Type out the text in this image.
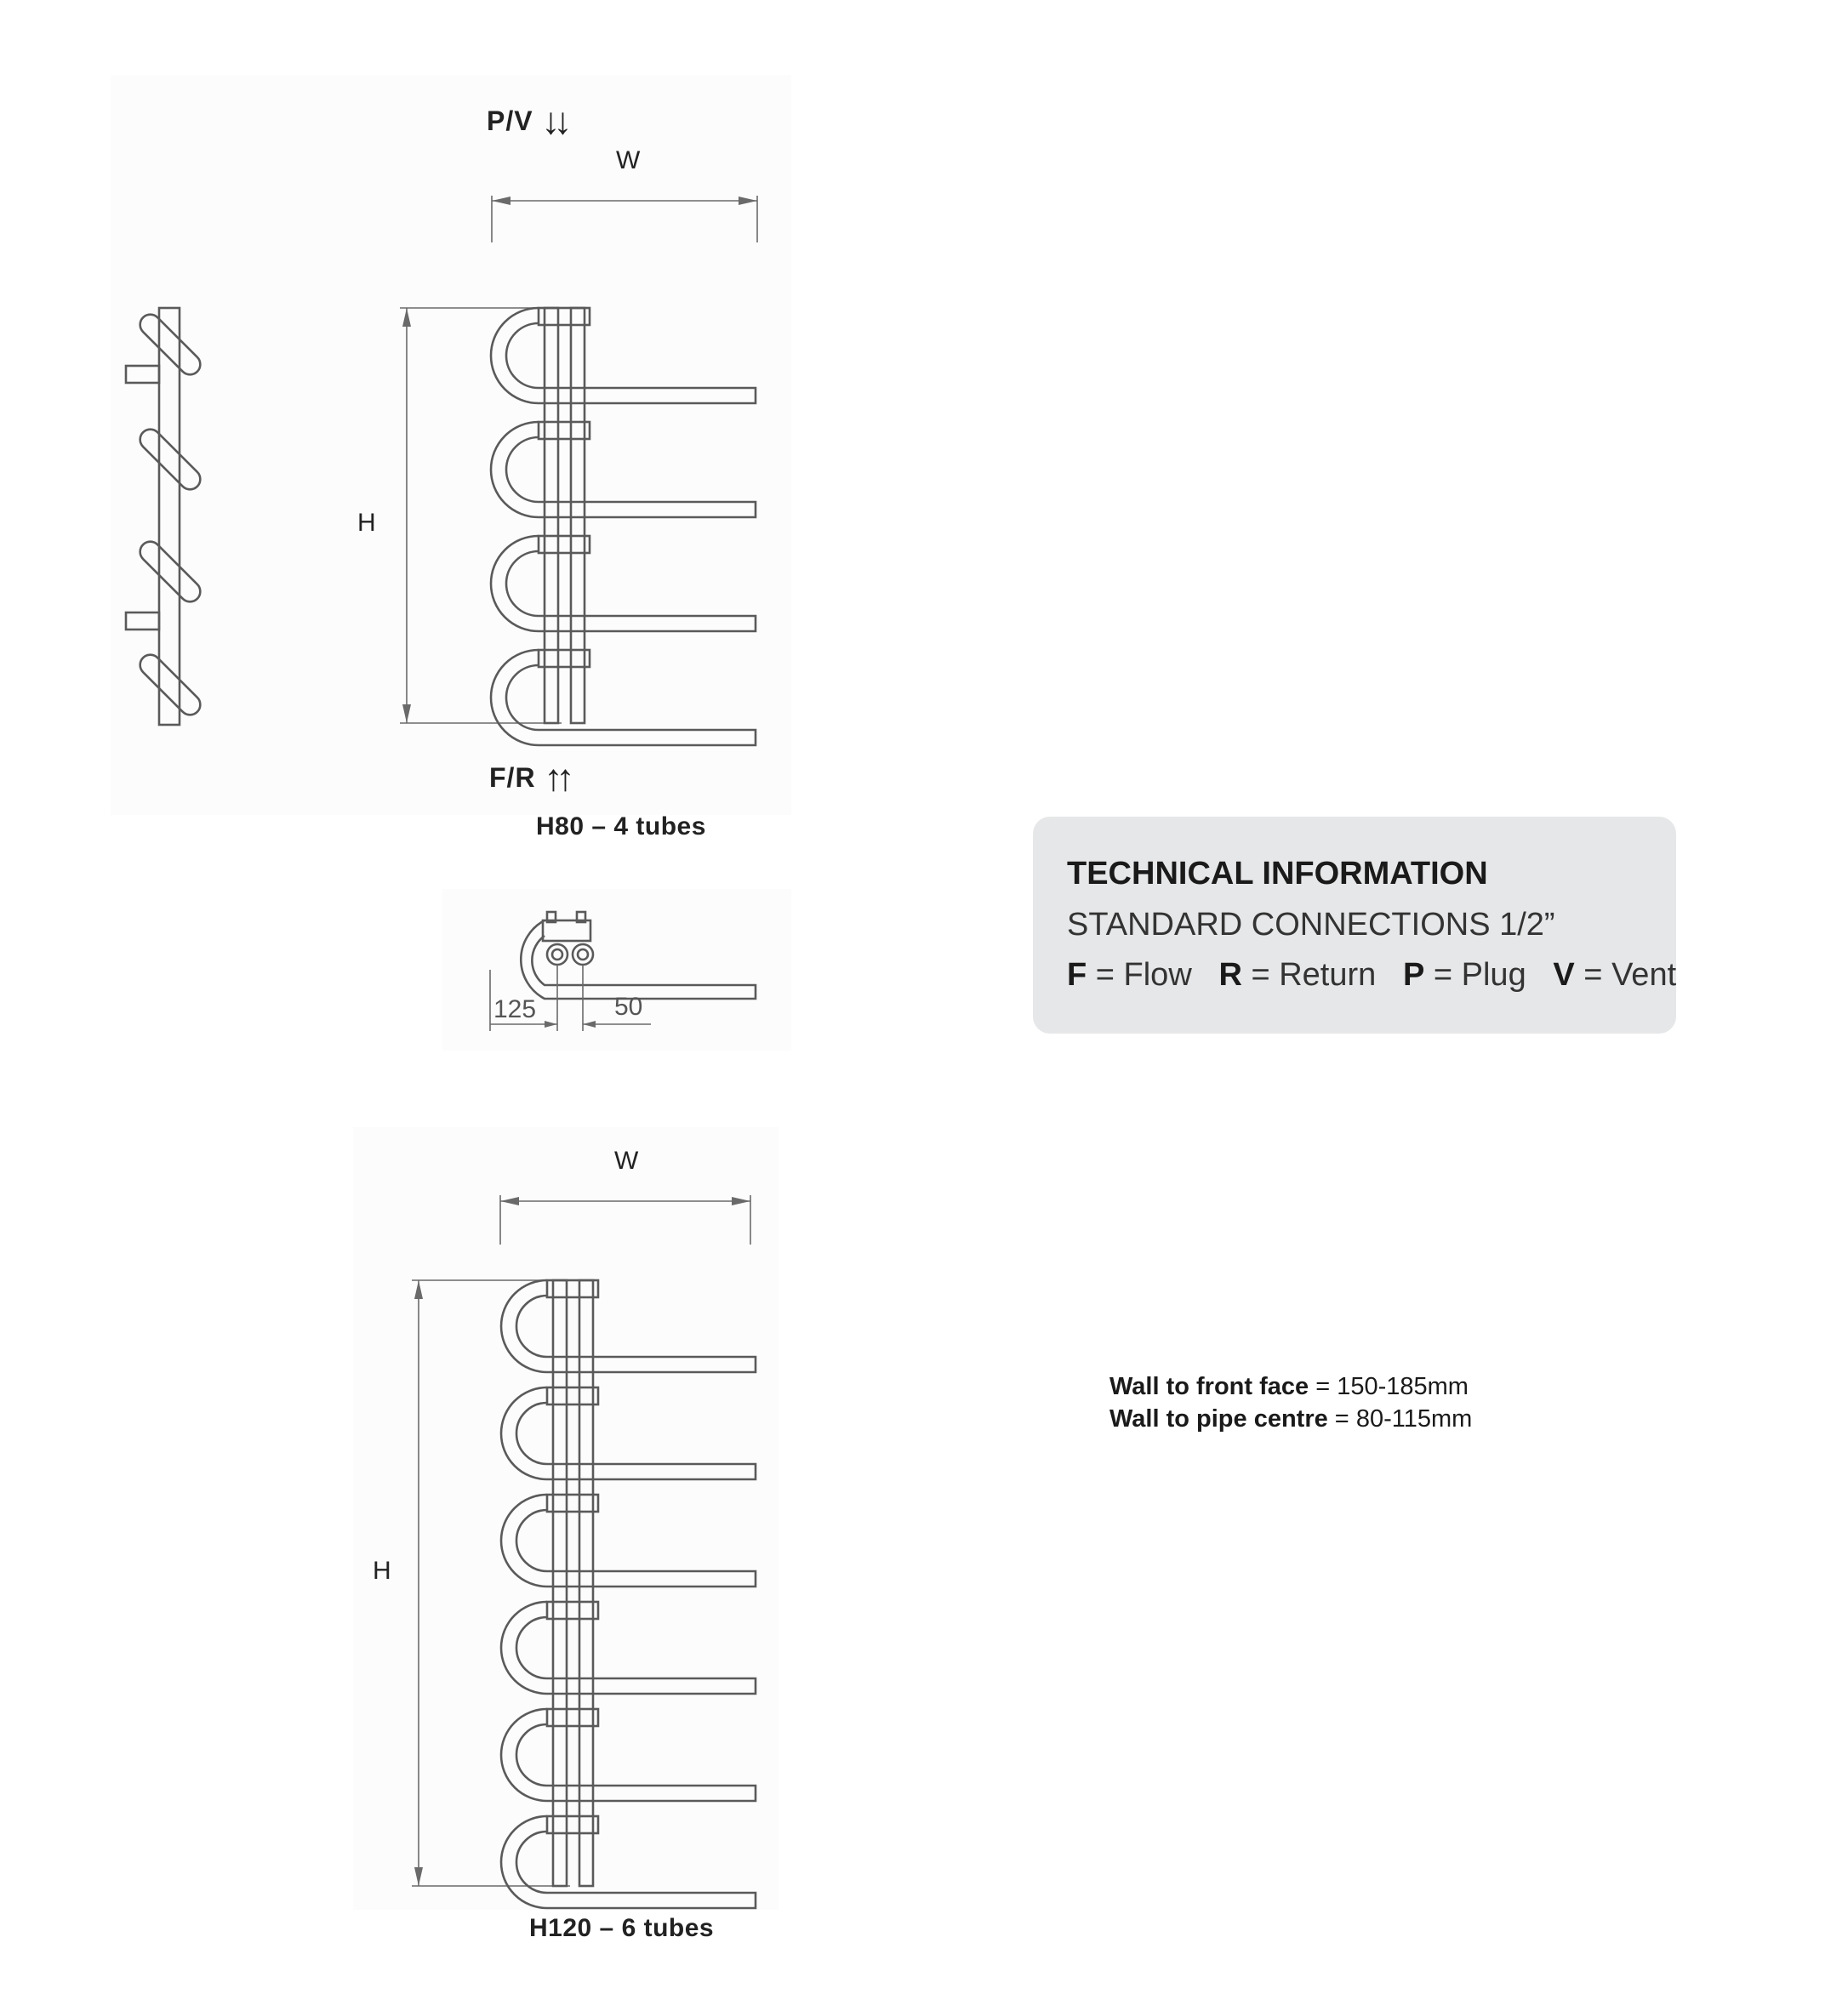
P/V ↓↓
W
H
F/R ↑↑
H80 – 4 tubes
125	50
W
H
H120 – 6 tubes
TECHNICAL INFORMATION
STANDARD CONNECTIONS 1/2”
F = Flow R = Return P = Plug V = Vent
Wall to front face = 150-185mm
Wall to pipe centre = 80-115mm
